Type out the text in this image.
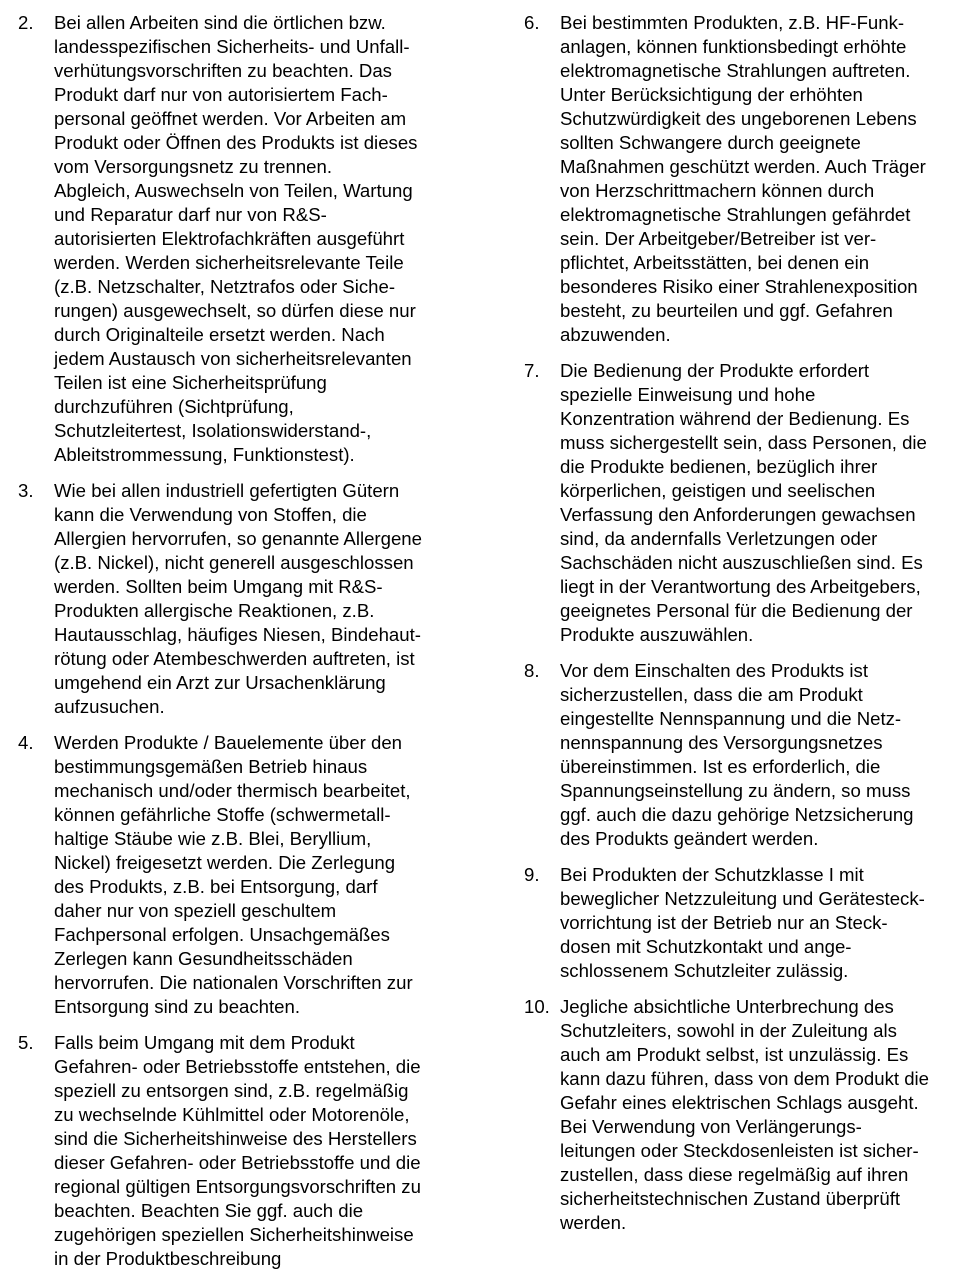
2. Bei allen Arbeiten sind die örtlichen bzw.
landesspezifischen Sicherheits- und Unfall-
verhütungsvorschriften zu beachten. Das
Produkt darf nur von autorisiertem Fach-
personal geöffnet werden. Vor Arbeiten am
Produkt oder Öffnen des Produkts ist dieses
vom Versorgungsnetz zu trennen.
Abgleich, Auswechseln von Teilen, Wartung
und Reparatur darf nur von R&S-
autorisierten Elektrofachkräften ausgeführt
werden. Werden sicherheitsrelevante Teile
(z.B. Netzschalter, Netztrafos oder Siche-
rungen) ausgewechselt, so dürfen diese nur
durch Originalteile ersetzt werden. Nach
jedem Austausch von sicherheitsrelevanten
Teilen ist eine Sicherheitsprüfung
durchzuführen (Sichtprüfung,
Schutzleitertest, Isolationswiderstand-,
Ableitstrommessung, Funktionstest).
3. Wie bei allen industriell gefertigten Gütern
kann die Verwendung von Stoffen, die
Allergien hervorrufen, so genannte Allergene
(z.B. Nickel), nicht generell ausgeschlossen
werden. Sollten beim Umgang mit R&S-
Produkten allergische Reaktionen, z.B.
Hautausschlag, häufiges Niesen, Bindehaut-
rötung oder Atembeschwerden auftreten, ist
umgehend ein Arzt zur Ursachenklärung
aufzusuchen.
4. Werden Produkte / Bauelemente über den
bestimmungsgemäßen Betrieb hinaus
mechanisch und/oder thermisch bearbeitet,
können gefährliche Stoffe (schwermetall-
haltige Stäube wie z.B. Blei, Beryllium,
Nickel) freigesetzt werden. Die Zerlegung
des Produkts, z.B. bei Entsorgung, darf
daher nur von speziell geschultem
Fachpersonal erfolgen. Unsachgemäßes
Zerlegen kann Gesundheitsschäden
hervorrufen. Die nationalen Vorschriften zur
Entsorgung sind zu beachten.
5. Falls beim Umgang mit dem Produkt
Gefahren- oder Betriebsstoffe entstehen, die
speziell zu entsorgen sind, z.B. regelmäßig
zu wechselnde Kühlmittel oder Motorenöle,
sind die Sicherheitshinweise des Herstellers
dieser Gefahren- oder Betriebsstoffe und die
regional gültigen Entsorgungsvorschriften zu
beachten. Beachten Sie ggf. auch die
zugehörigen speziellen Sicherheitshinweise
in der Produktbeschreibung
6. Bei bestimmten Produkten, z.B. HF-Funk-
anlagen, können funktionsbedingt erhöhte
elektromagnetische Strahlungen auftreten.
Unter Berücksichtigung der erhöhten
Schutzwürdigkeit des ungeborenen Lebens
sollten Schwangere durch geeignete
Maßnahmen geschützt werden. Auch Träger
von Herzschrittmachern können durch
elektromagnetische Strahlungen gefährdet
sein. Der Arbeitgeber/Betreiber ist ver-
pflichtet, Arbeitsstätten, bei denen ein
besonderes Risiko einer Strahlenexposition
besteht, zu beurteilen und ggf. Gefahren
abzuwenden.
7. Die Bedienung der Produkte erfordert
spezielle Einweisung und hohe
Konzentration während der Bedienung. Es
muss sichergestellt sein, dass Personen, die
die Produkte bedienen, bezüglich ihrer
körperlichen, geistigen und seelischen
Verfassung den Anforderungen gewachsen
sind, da andernfalls Verletzungen oder
Sachschäden nicht auszuschließen sind. Es
liegt in der Verantwortung des Arbeitgebers,
geeignetes Personal für die Bedienung der
Produkte auszuwählen.
8. Vor dem Einschalten des Produkts ist
sicherzustellen, dass die am Produkt
eingestellte Nennspannung und die Netz-
nennspannung des Versorgungsnetzes
übereinstimmen. Ist es erforderlich, die
Spannungseinstellung zu ändern, so muss
ggf. auch die dazu gehörige Netzsicherung
des Produkts geändert werden.
9. Bei Produkten der Schutzklasse I mit
beweglicher Netzzuleitung und Gerätesteck-
vorrichtung ist der Betrieb nur an Steck-
dosen mit Schutzkontakt und ange-
schlossenem Schutzleiter zulässig.
10. Jegliche absichtliche Unterbrechung des
Schutzleiters, sowohl in der Zuleitung als
auch am Produkt selbst, ist unzulässig. Es
kann dazu führen, dass von dem Produkt die
Gefahr eines elektrischen Schlags ausgeht.
Bei Verwendung von Verlängerungs-
leitungen oder Steckdosenleisten ist sicher-
zustellen, dass diese regelmäßig auf ihren
sicherheitstechnischen Zustand überprüft
werden.
